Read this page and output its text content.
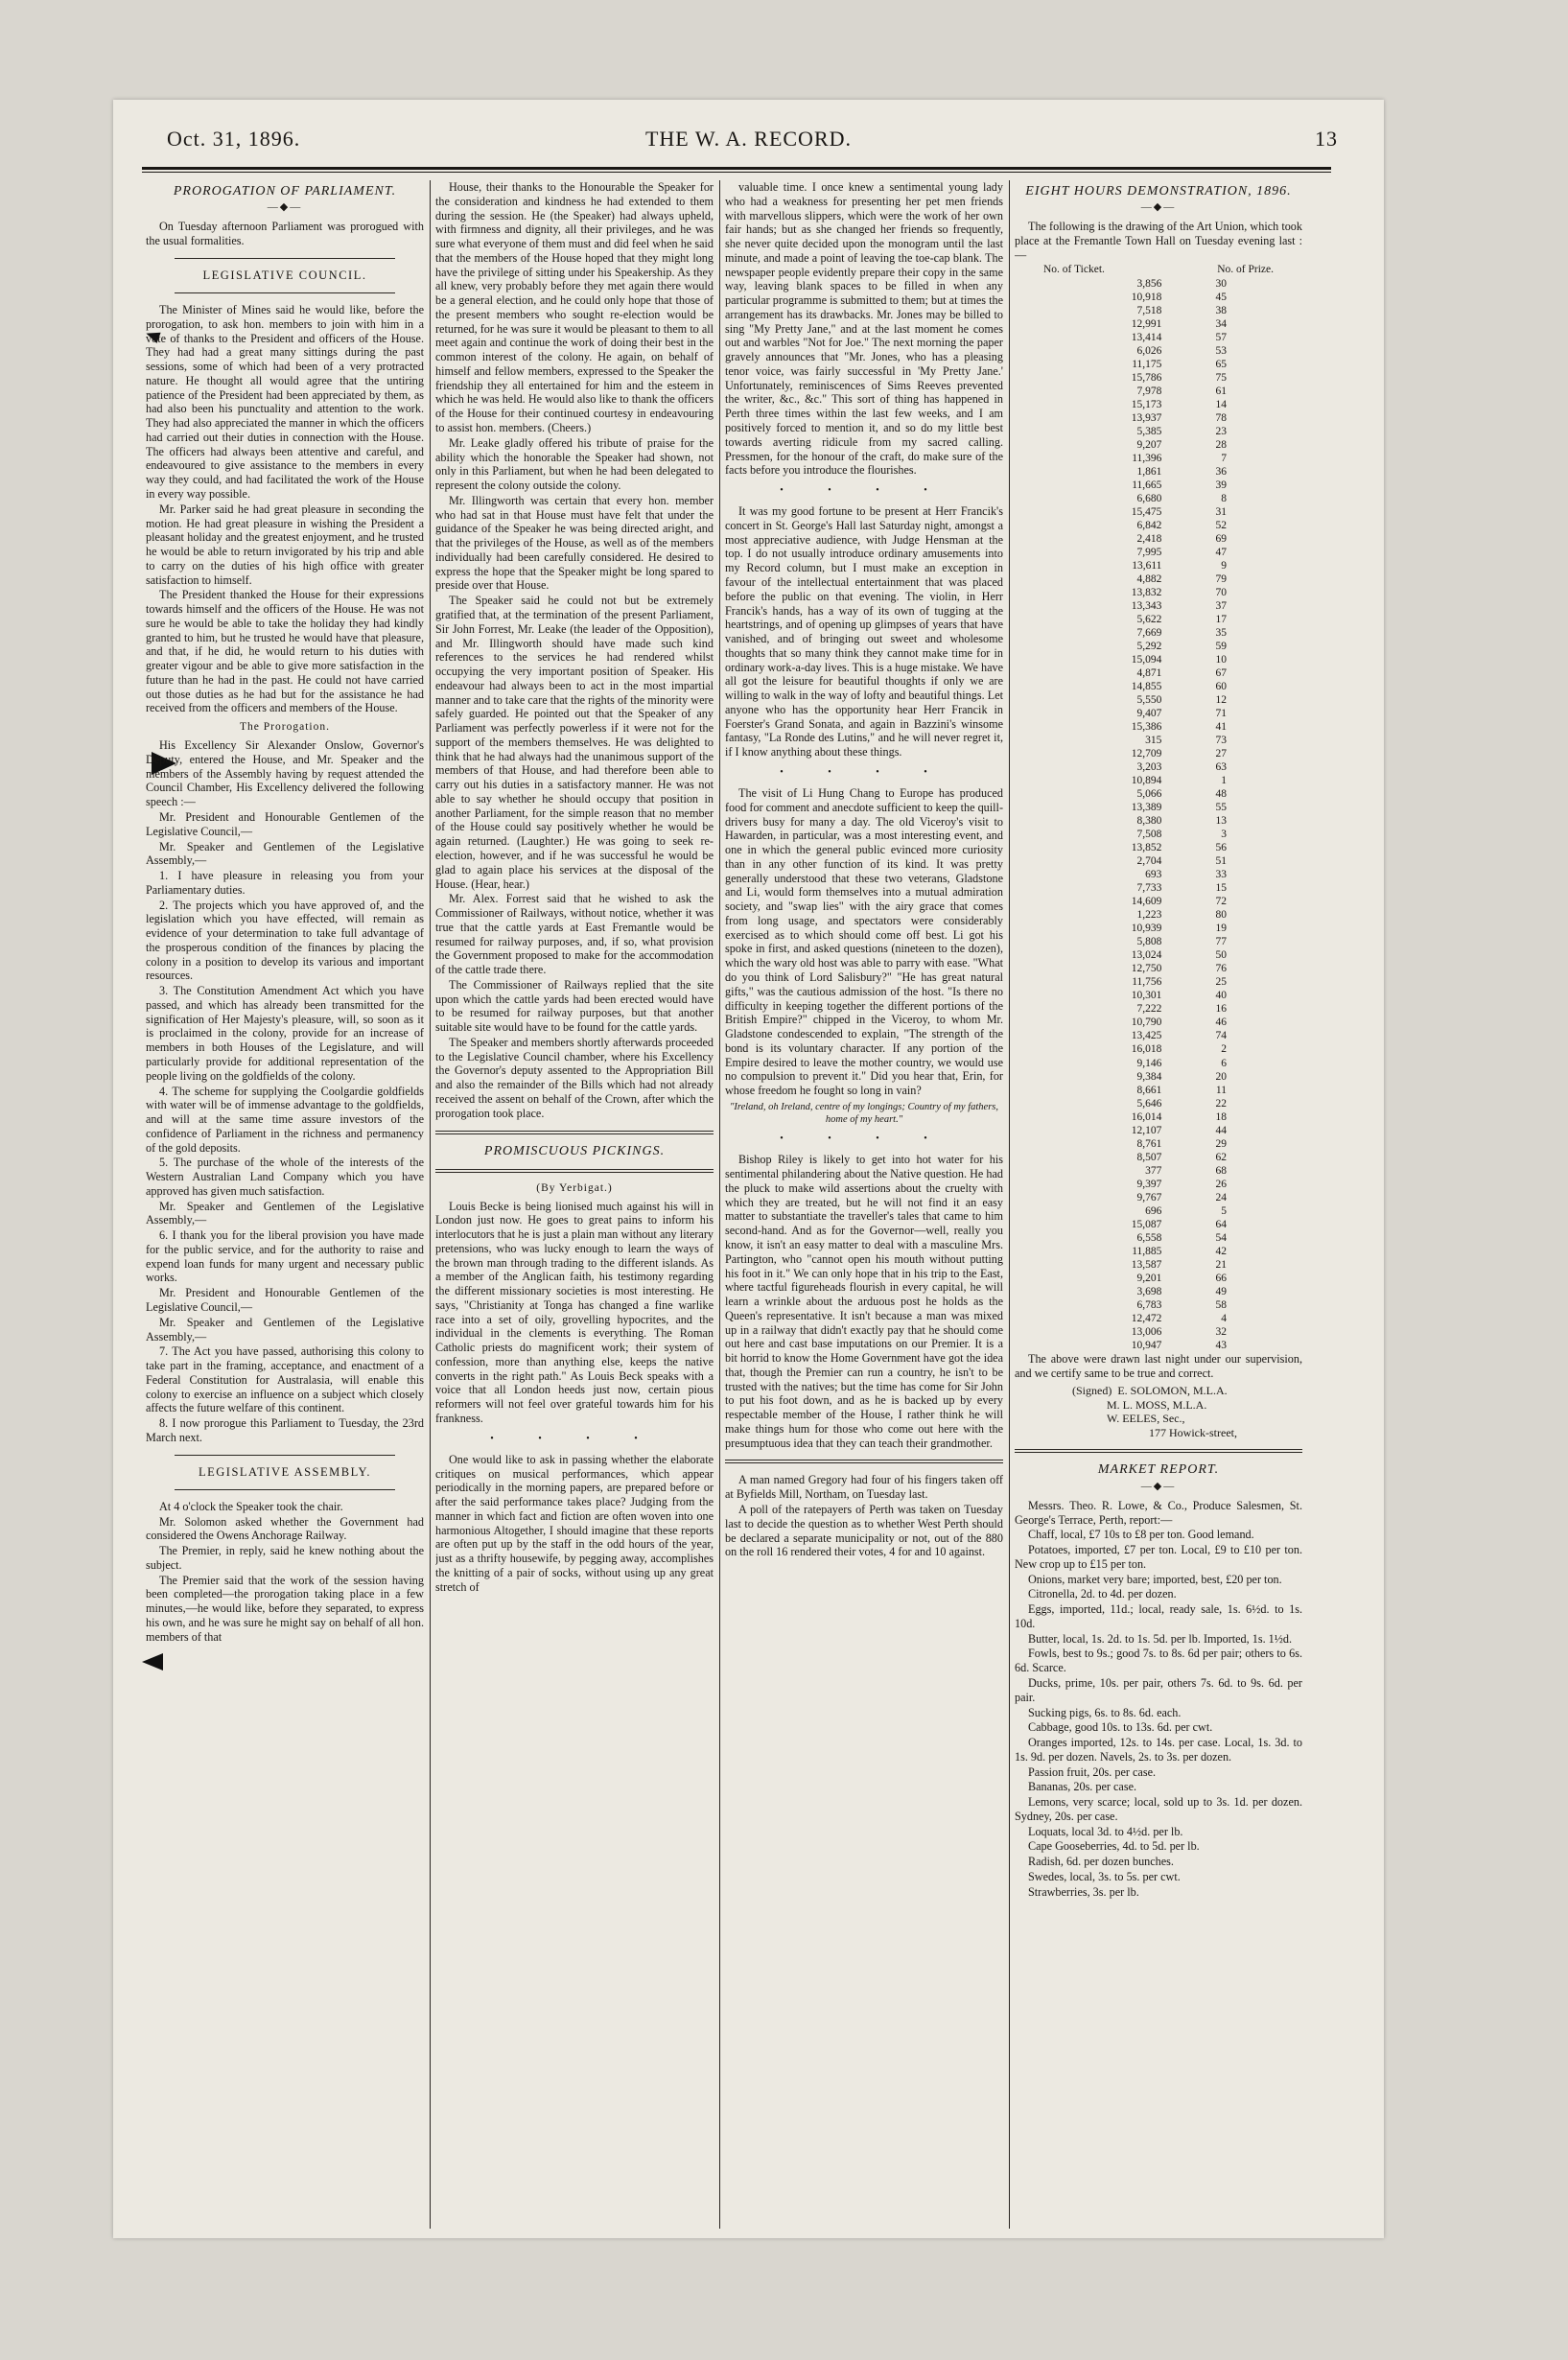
Oct. 31, 1896.	THE W. A. RECORD.	13
PROROGATION OF PARLIAMENT.
—◆—

On Tuesday afternoon Parliament was prorogued with the usual formalities.

LEGISLATIVE COUNCIL.

The Minister of Mines said he would like, before the prorogation, to ask hon. members to join with him in a vote of thanks to the President and officers of the House. They had had a great many sittings during the past sessions, some of which had been of a very protracted nature. He thought all would agree that the untiring patience of the President had been appreciated by them, as had also been his punctuality and attention to the work. They had also appreciated the manner in which the officers had carried out their duties in connection with the House. The officers had always been attentive and careful, and endeavoured to give assistance to the members in every way they could, and had facilitated the work of the House in every way possible.

Mr. Parker said he had great pleasure in seconding the motion. He had great pleasure in wishing the President a pleasant holiday and the greatest enjoyment, and he trusted he would be able to return invigorated by his trip and able to carry on the duties of his high office with greater satisfaction to himself.

The President thanked the House for their expressions towards himself and the officers of the House. He was not sure he would be able to take the holiday they had kindly granted to him, but he trusted he would have that pleasure, and that, if he did, he would return to his duties with greater vigour and be able to give more satisfaction in the future than he had in the past. He could not have carried out those duties as he had but for the assistance he had received from the officers and members of the House.

The Prorogation.

His Excellency Sir Alexander Onslow, Governor's Deputy, entered the House, and Mr. Speaker and the members of the Assembly having by request attended the Council Chamber, His Excellency delivered the following speech :—

Mr. President and Honourable Gentlemen of the Legislative Council,—

Mr. Speaker and Gentlemen of the Legislative Assembly,—

1. I have pleasure in releasing you from your Parliamentary duties.

2. The projects which you have approved of, and the legislation which you have effected, will remain as evidence of your determination to take full advantage of the prosperous condition of the finances by placing the colony in a position to develop its various and important resources.

3. The Constitution Amendment Act which you have passed, and which has already been transmitted for the signification of Her Majesty's pleasure, will, so soon as it is proclaimed in the colony, provide for an increase of members in both Houses of the Legislature, and will particularly provide for additional representation of the people living on the goldfields of the colony.

4. The scheme for supplying the Coolgardie goldfields with water will be of immense advantage to the goldfields, and will at the same time assure investors of the confidence of Parliament in the richness and permanency of the gold deposits.

5. The purchase of the whole of the interests of the Western Australian Land Company which you have approved has given much satisfaction.

Mr. Speaker and Gentlemen of the Legislative Assembly,—

6. I thank you for the liberal provision you have made for the public service, and for the authority to raise and expend loan funds for many urgent and necessary public works.

Mr. President and Honourable Gentlemen of the Legislative Council,—

Mr. Speaker and Gentlemen of the Legislative Assembly,—

7. The Act you have passed, authorising this colony to take part in the framing, acceptance, and enactment of a Federal Constitution for Australasia, will enable this colony to exercise an influence on a subject which closely affects the future welfare of this continent.

8. I now prorogue this Parliament to Tuesday, the 23rd March next.

LEGISLATIVE ASSEMBLY.

At 4 o'clock the Speaker took the chair.

Mr. Solomon asked whether the Government had considered the Owens Anchorage Railway.

The Premier, in reply, said he knew nothing about the subject.

The Premier said that the work of the session having been completed—the prorogation taking place in a few minutes,—he would like, before they separated, to express his own, and he was sure he might say on behalf of all hon. members of that

House, their thanks to the Honourable the Speaker for the consideration and kindness he had extended to them during the session. He (the Speaker) had always upheld, with firmness and dignity, all their privileges, and he was sure what everyone of them must and did feel when he said that the members of the House hoped that they might long have the privilege of sitting under his Speakership. As they all knew, very probably before they met again there would be a general election, and he could only hope that those of the present members who sought re-election would be returned, for he was sure it would be pleasant to them to all meet again and continue the work of doing their best in the common interest of the colony. He again, on behalf of himself and fellow members, expressed to the Speaker the friendship they all entertained for him and the esteem in which he was held. He would also like to thank the officers of the House for their continued courtesy in endeavouring to assist hon. members. (Cheers.)

Mr. Leake gladly offered his tribute of praise for the ability which the honorable the Speaker had shown, not only in this Parliament, but when he had been delegated to represent the colony outside the colony.

Mr. Illingworth was certain that every hon. member who had sat in that House must have felt that under the guidance of the Speaker he was being directed aright, and that the privileges of the House, as well as of the members individually had been carefully considered. He desired to express the hope that the Speaker might be long spared to preside over that House.

The Speaker said he could not but be extremely gratified that, at the termination of the present Parliament, Sir John Forrest, Mr. Leake (the leader of the Opposition), and Mr. Illingworth should have made such kind references to the services he had rendered whilst occupying the very important position of Speaker. His endeavour had always been to act in the most impartial manner and to take care that the rights of the minority were safely guarded. He pointed out that the Speaker of any Parliament was perfectly powerless if it were not for the support of the members themselves. He was delighted to think that he had always had the unanimous support of the members of that House, and had therefore been able to carry out his duties in a satisfactory manner. He was not able to say whether he should occupy that position in another Parliament, for the simple reason that no member of the House could say positively whether he would be again returned. (Laughter.) He was going to seek re-election, however, and if he was successful he would be glad to again place his services at the disposal of the House. (Hear, hear.)

Mr. Alex. Forrest said that he wished to ask the Commissioner of Railways, without notice, whether it was true that the cattle yards at East Fremantle would be resumed for railway purposes, and, if so, what provision the Government proposed to make for the accommodation of the cattle trade there.

The Commissioner of Railways replied that the site upon which the cattle yards had been erected would have to be resumed for railway purposes, but that another suitable site would have to be found for the cattle yards.

The Speaker and members shortly afterwards proceeded to the Legislative Council chamber, where his Excellency the Governor's deputy assented to the Appropriation Bill and also the remainder of the Bills which had not already received the assent on behalf of the Crown, after which the prorogation took place.

PROMISCUOUS PICKINGS.
(By Yerbigat.)

Louis Becke is being lionised much against his will in London just now. He goes to great pains to inform his interlocutors that he is just a plain man without any literary pretensions, who was lucky enough to learn the ways of the brown man through trading to the different islands. As a member of the Anglican faith, his testimony regarding the different missionary societies is most interesting. He says, "Christianity at Tonga has changed a fine warlike race into a set of oily, grovelling hypocrites, and the individual in the clements is everything. The Roman Catholic priests do magnificent work; their system of confession, more than anything else, keeps the native converts in the right path." As Louis Beck speaks with a voice that all London heeds just now, certain pious reformers will not feel over grateful towards him for his frankness.

• • • •

One would like to ask in passing whether the elaborate critiques on musical performances, which appear periodically in the morning papers, are prepared before or after the said performance takes place? Judging from the manner in which fact and fiction are often woven into one harmonious Altogether, I should imagine that these reports are often put up by the staff in the odd hours of the year, just as a thrifty housewife, by pegging away, accomplishes the knitting of a pair of socks, without using up any great stretch of

valuable time. I once knew a sentimental young lady who had a weakness for presenting her pet men friends with marvellous slippers, which were the work of her own fair hands; but as she changed her friends so frequently, she never quite decided upon the monogram until the last minute, and made a point of leaving the toe-cap blank. The newspaper people evidently prepare their copy in the same way, leaving blank spaces to be filled in when any particular programme is submitted to them; but at times the arrangement has its drawbacks. Mr. Jones may be billed to sing "My Pretty Jane," and at the last moment he comes out and warbles "Not for Joe." The next morning the paper gravely announces that "Mr. Jones, who has a pleasing tenor voice, was fairly successful in 'My Pretty Jane.' Unfortunately, reminiscences of Sims Reeves prevented the writer, &c., &c." This sort of thing has happened in Perth three times within the last few weeks, and I am positively forced to mention it, and so do my little best towards averting ridicule from my sacred calling. Pressmen, for the honour of the craft, do make sure of the facts before you introduce the flourishes.

• • • •

It was my good fortune to be present at Herr Francik's concert in St. George's Hall last Saturday night, amongst a most appreciative audience, with Judge Hensman at the top. I do not usually introduce ordinary amusements into my Record column, but I must make an exception in favour of the intellectual entertainment that was placed before the public on that evening. The violin, in Herr Francik's hands, has a way of its own of tugging at the heartstrings, and of opening up glimpses of years that have vanished, and of bringing out sweet and wholesome thoughts that so many think they cannot make time for in ordinary work-a-day lives. This is a huge mistake. We have all got the leisure for beautiful thoughts if only we are willing to walk in the way of lofty and beautiful things. Let anyone who has the opportunity hear Herr Francik in Foerster's Grand Sonata, and again in Bazzini's winsome fantasy, "La Ronde des Lutins," and he will never regret it, if I know anything about these things.

• • • •

The visit of Li Hung Chang to Europe has produced food for comment and anecdote sufficient to keep the quill-drivers busy for many a day. The old Viceroy's visit to Hawarden, in particular, was a most interesting event, and one in which the general public evinced more curiosity than in any other function of its kind. It was pretty generally understood that these two veterans, Gladstone and Li, would form themselves into a mutual admiration society, and "swap lies" with the airy grace that comes from long usage, and spectators were considerably exercised as to which should come off best. Li got his spoke in first, and asked questions (nineteen to the dozen), which the wary old host was able to parry with ease. "What do you think of Lord Salisbury?" "He has great natural gifts," was the cautious admission of the host. "Is there no difficulty in keeping together the different portions of the British Empire?" chipped in the Viceroy, to whom Mr. Gladstone condescended to explain, "The strength of the bond is its voluntary character. If any portion of the Empire desired to leave the mother country, we would use no compulsion to prevent it." Did you hear that, Erin, for whose freedom he fought so long in vain?

"Ireland, oh Ireland, centre of my longings; Country of my fathers, home of my heart."
• • • •

Bishop Riley is likely to get into hot water for his sentimental philandering about the Native question. He had the pluck to make wild assertions about the cruelty with which they are treated, but he will not find it an easy matter to substantiate the traveller's tales that came to him second-hand. And as for the Governor—well, really you know, it isn't an easy matter to deal with a masculine Mrs. Partington, who "cannot open his mouth without putting his foot in it." We can only hope that in his trip to the East, where tactful figureheads flourish in every capital, he will learn a wrinkle about the arduous post he holds as the Queen's representative. It isn't because a man was mixed up in a railway that didn't exactly pay that he should come out here and cast base imputations on our Premier. It is a bit horrid to know the Home Government have got the idea that, though the Premier can run a country, he isn't to be trusted with the natives; but the time has come for Sir John to put his foot down, and as he is backed up by every respectable member of the House, I rather think he will make things hum for those who come out here with the presumptuous idea that they can teach their grandmother.

A man named Gregory had four of his fingers taken off at Byfields Mill, Northam, on Tuesday last.

A poll of the ratepayers of Perth was taken on Tuesday last to decide the question as to whether West Perth should be declared a separate municipality or not, out of the 880 on the roll 16 rendered their votes, 4 for and 10 against.

EIGHT HOURS DEMONSTRATION, 1896.
—◆—

The following is the drawing of the Art Union, which took place at the Fremantle Town Hall on Tuesday evening last :—

No. of Ticket.	No. of Prize.
3,856	30
10,918	45
7,518	38
12,991	34
13,414	57
6,026	53
11,175	65
15,786	75
7,978	61
15,173	14
13,937	78
5,385	23
9,207	28
11,396	7
1,861	36
11,665	39
6,680	8
15,475	31
6,842	52
2,418	69
7,995	47
13,611	9
4,882	79
13,832	70
13,343	37
5,622	17
7,669	35
5,292	59
15,094	10
4,871	67
14,855	60
5,550	12
9,407	71
15,386	41
315	73
12,709	27
3,203	63
10,894	1
5,066	48
13,389	55
8,380	13
7,508	3
13,852	56
2,704	51
693	33
7,733	15
14,609	72
1,223	80
10,939	19
5,808	77
13,024	50
12,750	76
11,756	25
10,301	40
7,222	16
10,790	46
13,425	74
16,018	2
9,146	6
9,384	20
8,661	11
5,646	22
16,014	18
12,107	44
8,761	29
8,507	62
377	68
9,397	26
9,767	24
696	5
15,087	64
6,558	54
11,885	42
13,587	21
9,201	66
3,698	49
6,783	58
12,472	4
13,006	32
10,947	43

The above were drawn last night under our supervision, and we certify same to be true and correct.

(Signed) E. SOLOMON, M.L.A.
M. L. MOSS, M.L.A.
W. EELES, Sec.,
177 Howick-street,
MARKET REPORT.
—◆—

Messrs. Theo. R. Lowe, & Co., Produce Salesmen, St. George's Terrace, Perth, report:—

Chaff, local, £7 10s to £8 per ton. Good lemand.

Potatoes, imported, £7 per ton. Local, £9 to £10 per ton. New crop up to £15 per ton.

Onions, market very bare; imported, best, £20 per ton.

Citronella, 2d. to 4d. per dozen.

Eggs, imported, 11d.; local, ready sale, 1s. 6½d. to 1s. 10d.

Butter, local, 1s. 2d. to 1s. 5d. per lb. Imported, 1s. 1½d.

Fowls, best to 9s.; good 7s. to 8s. 6d per pair; others to 6s. 6d. Scarce.

Ducks, prime, 10s. per pair, others 7s. 6d. to 9s. 6d. per pair.

Sucking pigs, 6s. to 8s. 6d. each.

Cabbage, good 10s. to 13s. 6d. per cwt.

Oranges imported, 12s. to 14s. per case. Local, 1s. 3d. to 1s. 9d. per dozen. Navels, 2s. to 3s. per dozen.

Passion fruit, 20s. per case.

Bananas, 20s. per case.

Lemons, very scarce; local, sold up to 3s. 1d. per dozen. Sydney, 20s. per case.

Loquats, local 3d. to 4½d. per lb.

Cape Gooseberries, 4d. to 5d. per lb.

Radish, 6d. per dozen bunches.

Swedes, local, 3s. to 5s. per cwt.

Strawberries, 3s. per lb.
